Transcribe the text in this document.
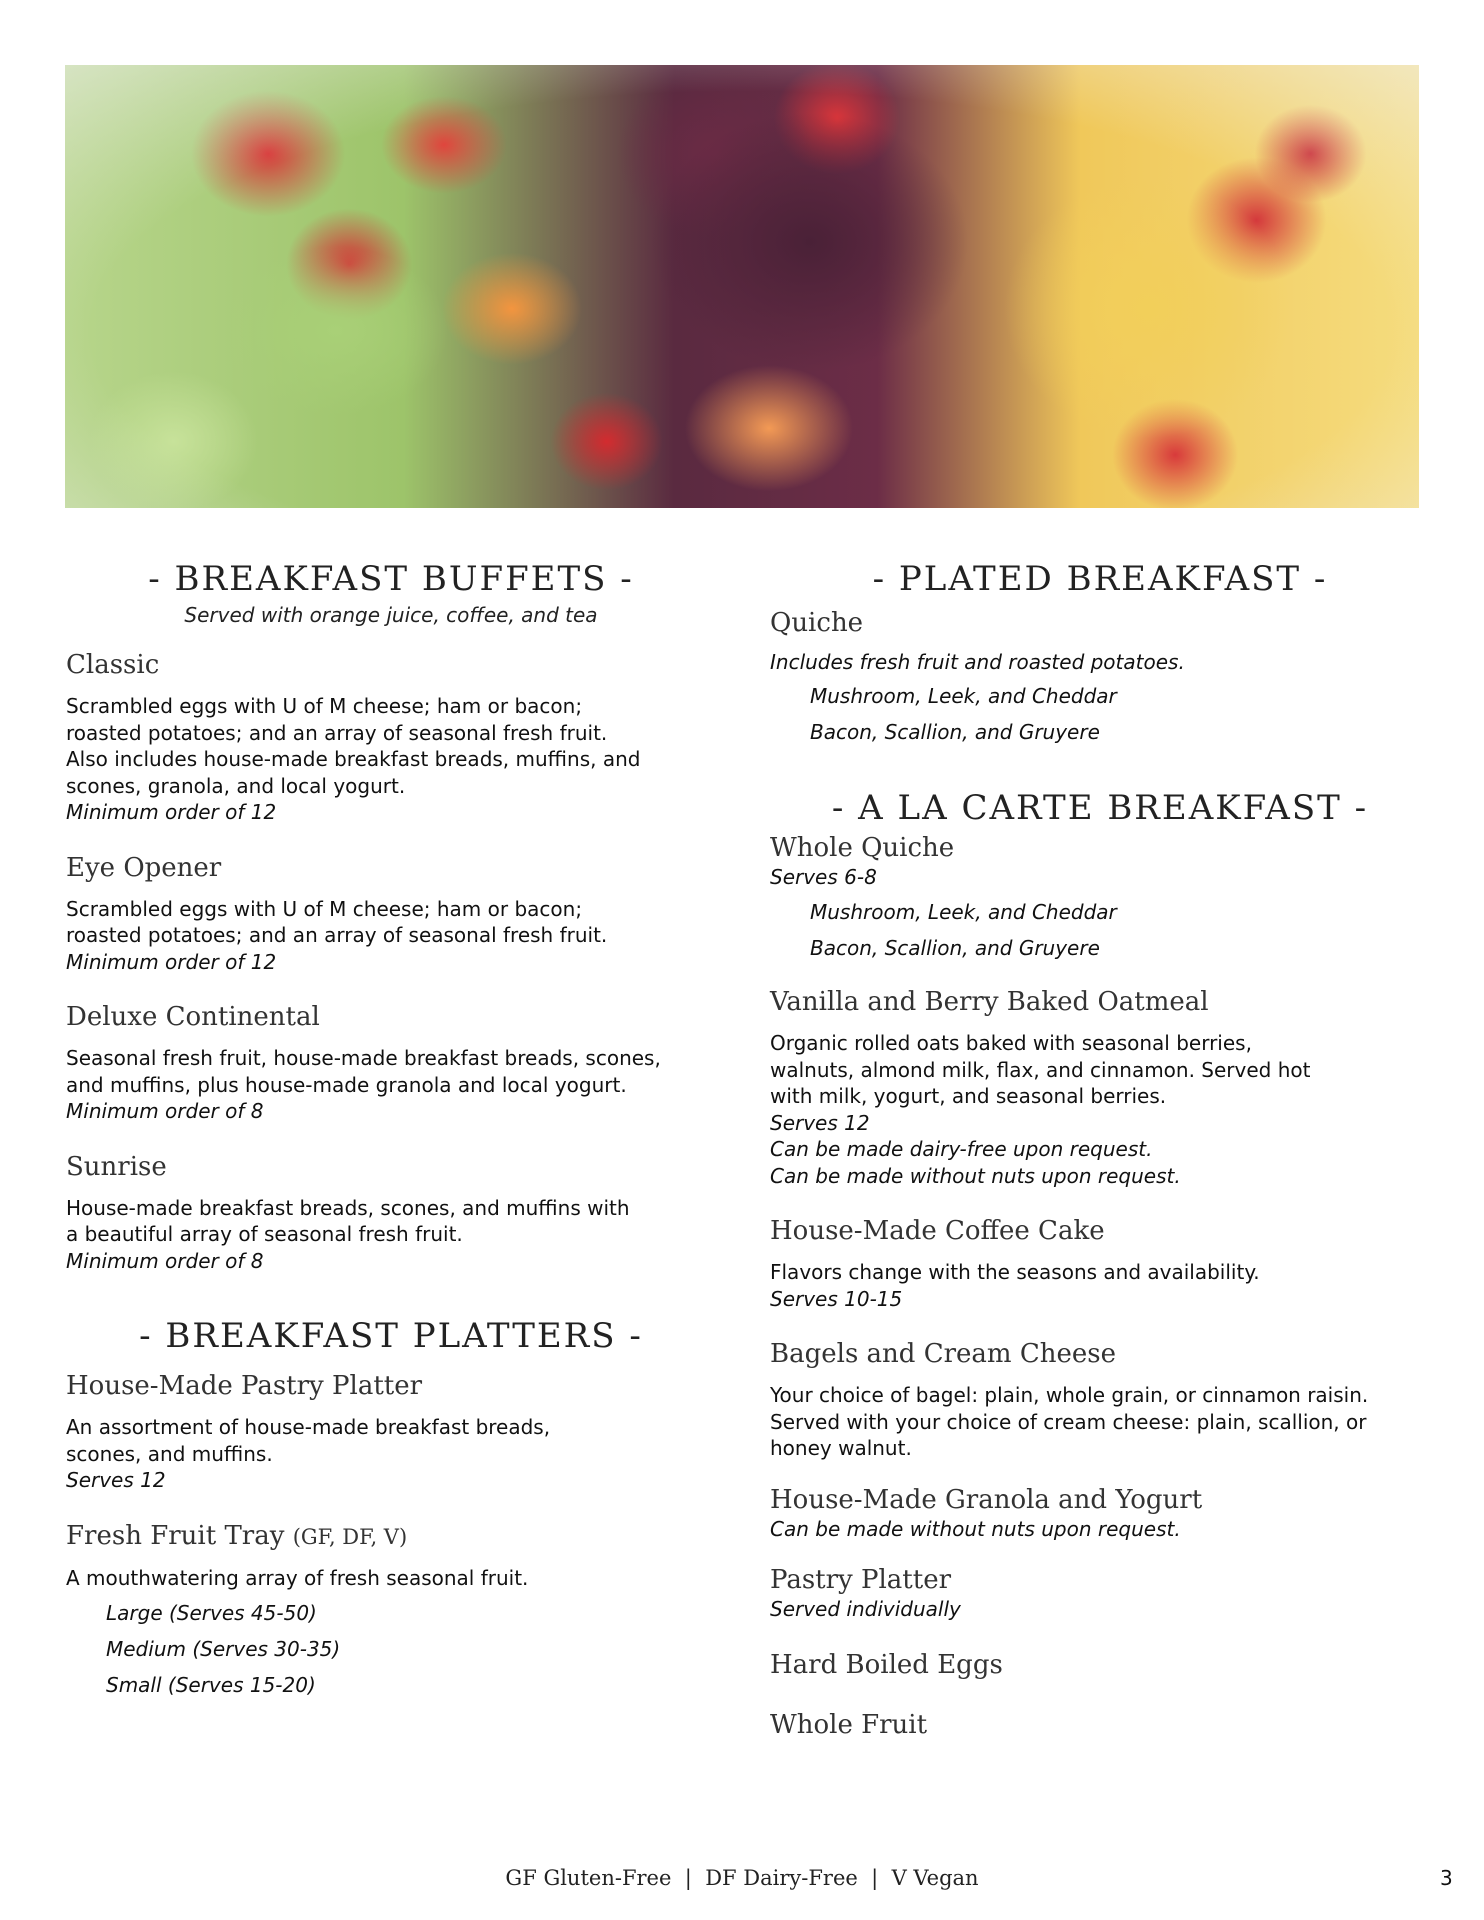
- BREAKFAST BUFFETS -

Served with orange juice, coffee, and tea

Classic

Scrambled eggs with U of M cheese; ham or bacon; roasted potatoes; and an array of seasonal fresh fruit. Also includes house-made breakfast breads, muffins, and scones, granola, and local yogurt.

Minimum order of 12

Eye Opener

Scrambled eggs with U of M cheese; ham or bacon; roasted potatoes; and an array of seasonal fresh fruit.

Minimum order of 12

Deluxe Continental

Seasonal fresh fruit, house-made breakfast breads, scones, and muffins, plus house-made granola and local yogurt.

Minimum order of 8

Sunrise

House-made breakfast breads, scones, and muffins with a beautiful array of seasonal fresh fruit.

Minimum order of 8

- BREAKFAST PLATTERS -
House-Made Pastry Platter

An assortment of house-made breakfast breads, scones, and muffins.

Serves 12

Fresh Fruit Tray (GF, DF, V)

A mouthwatering array of fresh seasonal fruit.

Large (Serves 45-50)

Medium (Serves 30-35)

Small (Serves 15-20)

- PLATED BREAKFAST -
Quiche

Includes fresh fruit and roasted potatoes.

Mushroom, Leek, and Cheddar

Bacon, Scallion, and Gruyere

- A LA CARTE BREAKFAST -
Whole Quiche

Serves 6-8

Mushroom, Leek, and Cheddar

Bacon, Scallion, and Gruyere

Vanilla and Berry Baked Oatmeal

Organic rolled oats baked with seasonal berries, walnuts, almond milk, flax, and cinnamon. Served hot with milk, yogurt, and seasonal berries.

Serves 12

Can be made dairy-free upon request.

Can be made without nuts upon request.

House-Made Coffee Cake

Flavors change with the seasons and availability.

Serves 10-15

Bagels and Cream Cheese

Your choice of bagel: plain, whole grain, or cinnamon raisin. Served with your choice of cream cheese: plain, scallion, or honey walnut.

House-Made Granola and Yogurt

Can be made without nuts upon request.

Pastry Platter

Served individually

Hard Boiled Eggs
Whole Fruit
GF Gluten-Free  |  DF Dairy-Free  |  V Vegan	3
